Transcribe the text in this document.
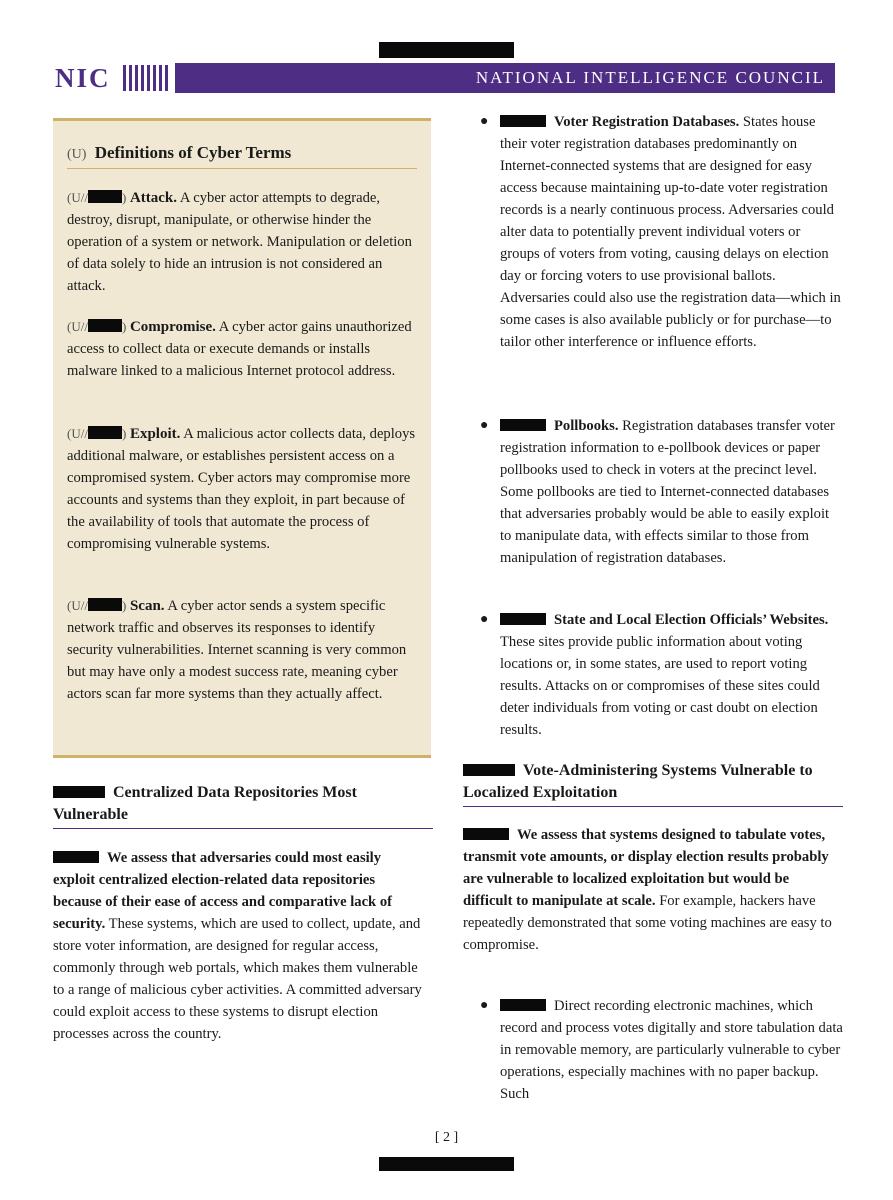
NIC	NATIONAL INTELLIGENCE COUNCIL
(U) Definitions of Cyber Terms
(U//	) Attack. A cyber actor attempts to degrade, destroy, disrupt, manipulate, or otherwise hinder the operation of a system or network. Manipulation or deletion of data solely to hide an intrusion is not considered an attack.
(U//	) Compromise. A cyber actor gains unauthorized access to collect data or execute demands or installs malware linked to a malicious Internet protocol address.
(U//	) Exploit. A malicious actor collects data, deploys additional malware, or establishes persistent access on a compromised system. Cyber actors may compromise more accounts and systems than they exploit, in part because of the availability of tools that automate the process of compromising vulnerable systems.
(U//	) Scan. A cyber actor sends a system specific network traffic and observes its responses to identify security vulnerabilities. Internet scanning is very common but may have only a modest success rate, meaning cyber actors scan far more systems than they actually affect.
Centralized Data Repositories Most Vulnerable
We assess that adversaries could most easily exploit centralized election-related data repositories because of their ease of access and comparative lack of security. These systems, which are used to collect, update, and store voter information, are designed for regular access, commonly through web portals, which makes them vulnerable to a range of malicious cyber activities. A committed adversary could exploit access to these systems to disrupt election processes across the country.
●	Voter Registration Databases. States house their voter registration databases predominantly on Internet-connected systems that are designed for easy access because maintaining up-to-date voter registration records is a nearly continuous process. Adversaries could alter data to potentially prevent individual voters or groups of voters from voting, causing delays on election day or forcing voters to use provisional ballots. Adversaries could also use the registration data—which in some cases is also available publicly or for purchase—to tailor other interference or influence efforts.
●	Pollbooks. Registration databases transfer voter registration information to e-pollbook devices or paper pollbooks used to check in voters at the precinct level. Some pollbooks are tied to Internet-connected databases that adversaries probably would be able to easily exploit to manipulate data, with effects similar to those from manipulation of registration databases.
●	State and Local Election Officials’ Websites. These sites provide public information about voting locations or, in some states, are used to report voting results. Attacks on or compromises of these sites could deter individuals from voting or cast doubt on election results.
Vote-Administering Systems Vulnerable to Localized Exploitation
We assess that systems designed to tabulate votes, transmit vote amounts, or display election results probably are vulnerable to localized exploitation but would be difficult to manipulate at scale. For example, hackers have repeatedly demonstrated that some voting machines are easy to compromise.
●	Direct recording electronic machines, which record and process votes digitally and store tabulation data in removable memory, are particularly vulnerable to cyber operations, especially machines with no paper backup. Such
[ 2 ]
